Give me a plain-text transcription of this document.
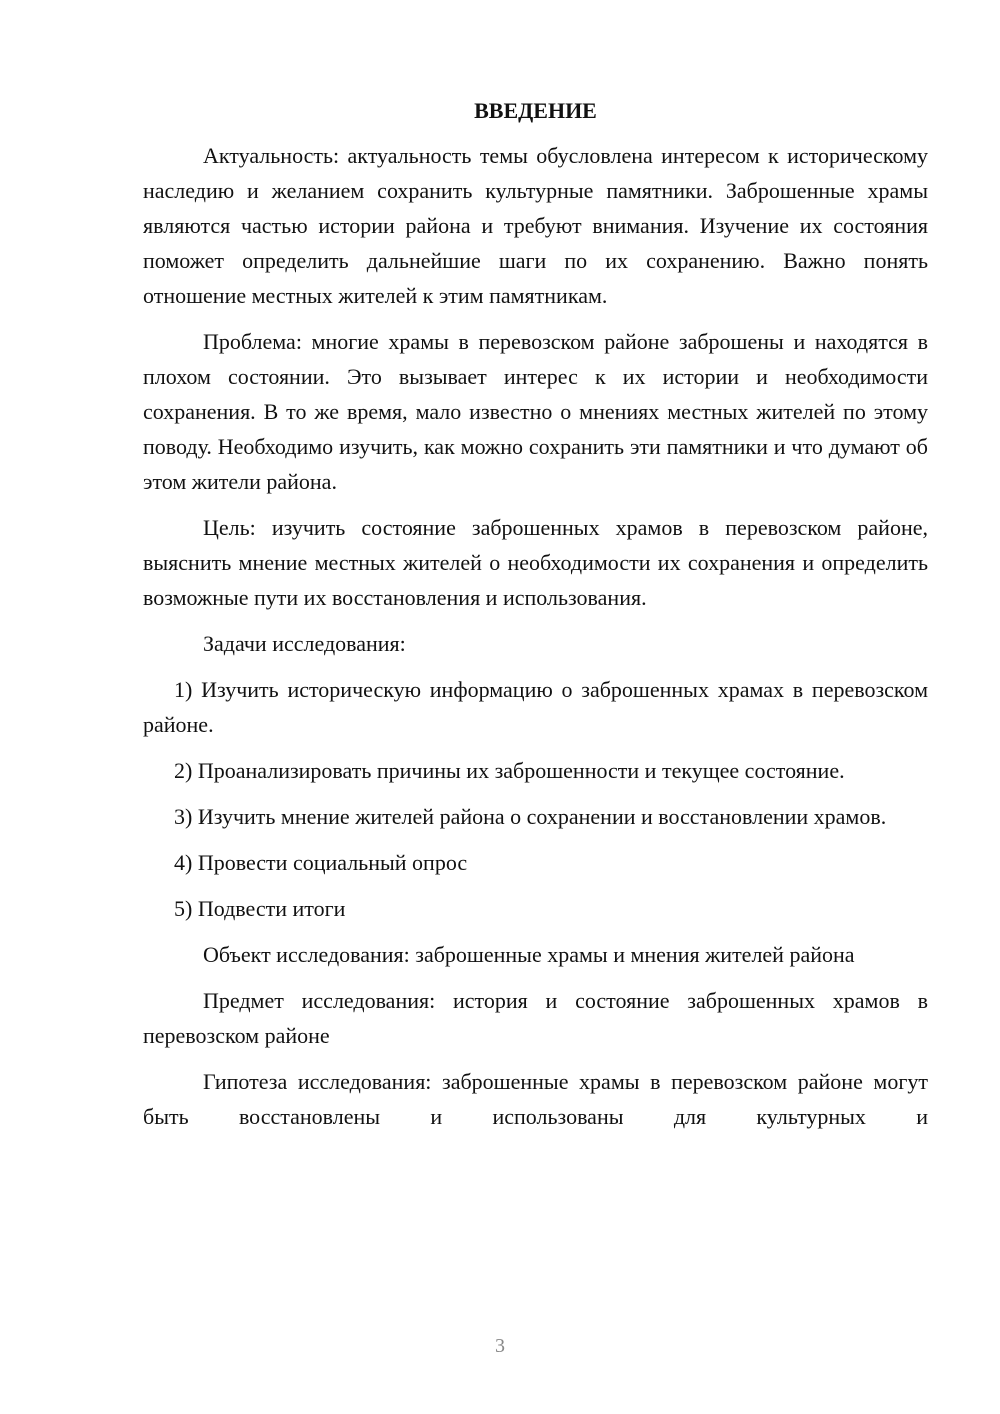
ВВЕДЕНИЕ

Актуальность: актуальность темы обусловлена интересом к историческому наследию и желанием сохранить культурные памятники. Заброшенные храмы являются частью истории района и требуют внимания. Изучение их состояния поможет определить дальнейшие шаги по их сохранению. Важно понять отношение местных жителей к этим памятникам.

Проблема: многие храмы в перевозском районе заброшены и находятся в плохом состоянии. Это вызывает интерес к их истории и необходимости сохранения. В то же время, мало известно о мнениях местных жителей по этому поводу. Необходимо изучить, как можно сохранить эти памятники и что думают об этом жители района.

Цель: изучить состояние заброшенных храмов в перевозском районе, выяснить мнение местных жителей о необходимости их сохранения и определить возможные пути их восстановления и использования.

Задачи исследования:

1) Изучить историческую информацию о заброшенных храмах в перевозском районе.

2) Проанализировать причины их заброшенности и текущее состояние.

3) Изучить мнение жителей района о сохранении и восстановлении храмов.

4) Провести социальный опрос

5) Подвести итоги

Объект исследования: заброшенные храмы и мнения жителей района

Предмет исследования: история и состояние заброшенных храмов в перевозском районе

Гипотеза исследования: заброшенные храмы в перевозском районе могут быть восстановлены и использованы для культурных и

3
